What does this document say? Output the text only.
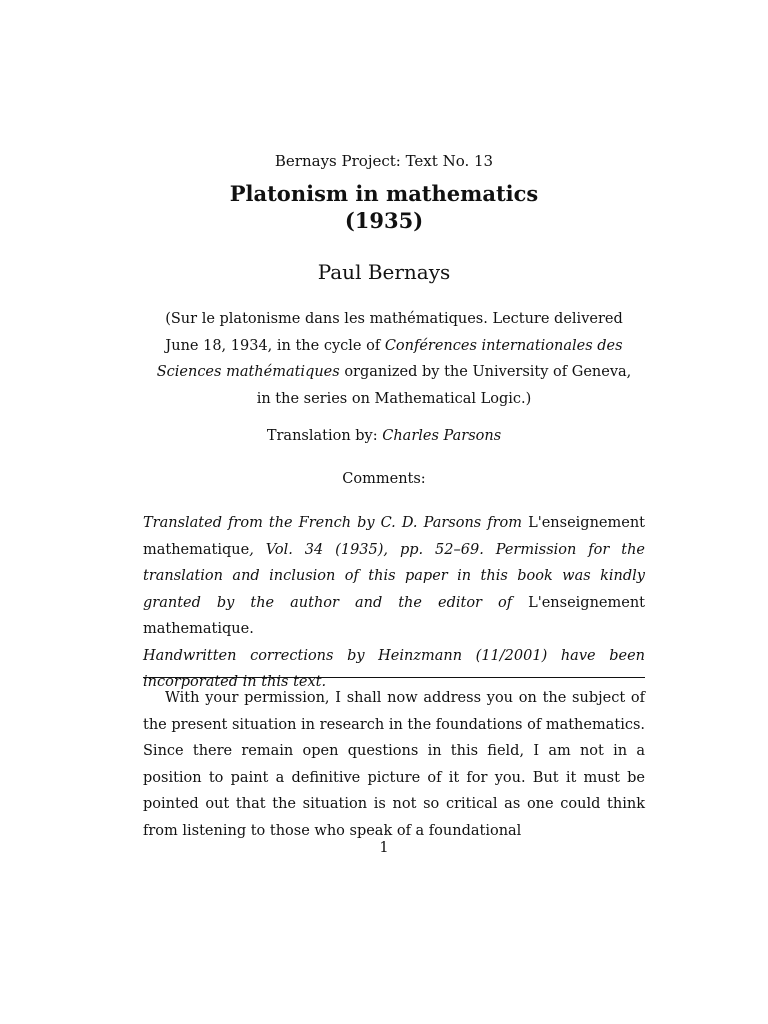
Bernays Project: Text No. 13
Platonism in mathematics
(1935)
Paul Bernays
(Sur le platonisme dans les mathématiques. Lecture delivered June 18, 1934, in the cycle of Conférences internationales des Sciences mathématiques organized by the University of Geneva, in the series on Mathematical Logic.)
Translation by: Charles Parsons
Comments:
Translated from the French by C. D. Parsons from L'enseignement mathematique, Vol. 34 (1935), pp. 52–69. Permission for the translation and inclusion of this paper in this book was kindly granted by the author and the editor of L'enseignement mathematique.
Handwritten corrections by Heinzmann (11/2001) have been incorporated in this text.
With your permission, I shall now address you on the subject of the present situation in research in the foundations of mathematics. Since there remain open questions in this field, I am not in a position to paint a definitive picture of it for you. But it must be pointed out that the situation is not so critical as one could think from listening to those who speak of a foundational
1
